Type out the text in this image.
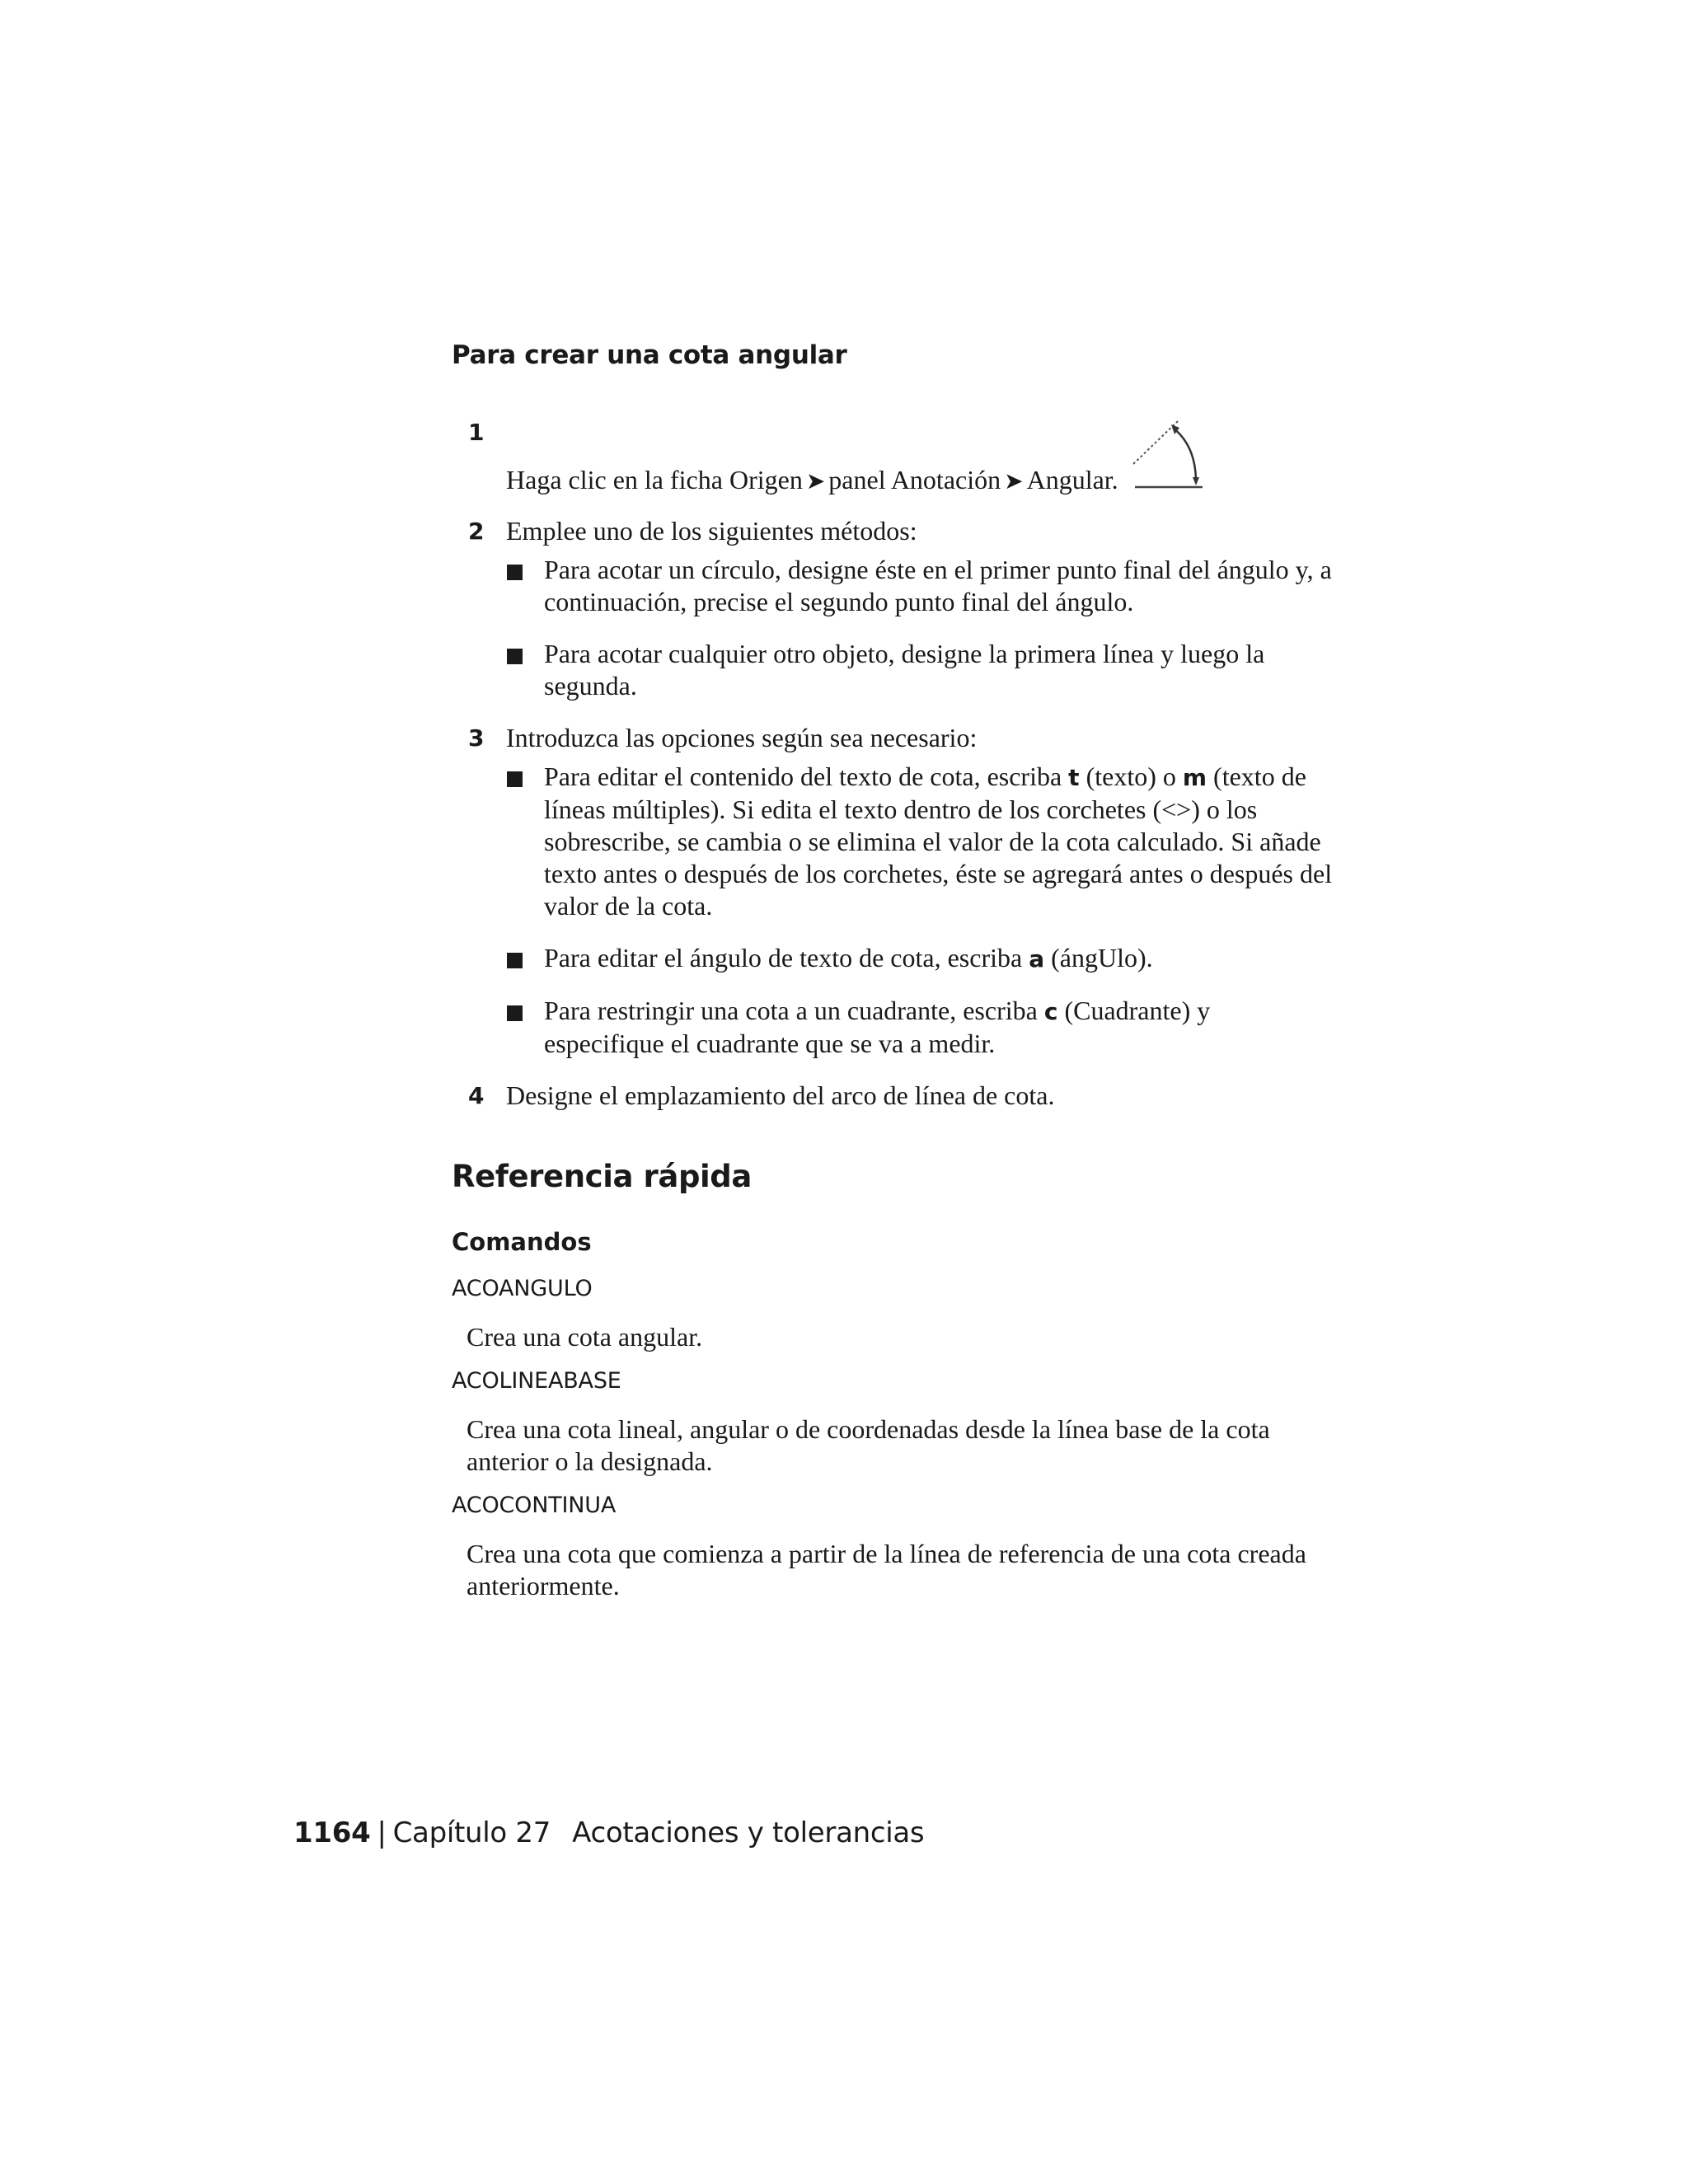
Para crear una cota angular
1
Haga clic en la ficha Origen ➤ panel Anotación ➤ Angular.
2 Emplee uno de los siguientes métodos:
Para acotar un círculo, designe éste en el primer punto final del ángulo y, a continuación, precise el segundo punto final del ángulo.
Para acotar cualquier otro objeto, designe la primera línea y luego la segunda.
3 Introduzca las opciones según sea necesario:
Para editar el contenido del texto de cota, escriba t (texto) o m (texto de líneas múltiples). Si edita el texto dentro de los corchetes (<>) o los sobrescribe, se cambia o se elimina el valor de la cota calculado. Si añade texto antes o después de los corchetes, éste se agregará antes o después del valor de la cota.
Para editar el ángulo de texto de cota, escriba a (ángUlo).
Para restringir una cota a un cuadrante, escriba c (Cuadrante) y especifique el cuadrante que se va a medir.
4 Designe el emplazamiento del arco de línea de cota.
Referencia rápida
Comandos

ACOANGULO

Crea una cota angular.

ACOLINEABASE

Crea una cota lineal, angular o de coordenadas desde la línea base de la cota anterior o la designada.

ACOCONTINUA

Crea una cota que comienza a partir de la línea de referencia de una cota creada anteriormente.

1164 | Capítulo 27 Acotaciones y tolerancias
